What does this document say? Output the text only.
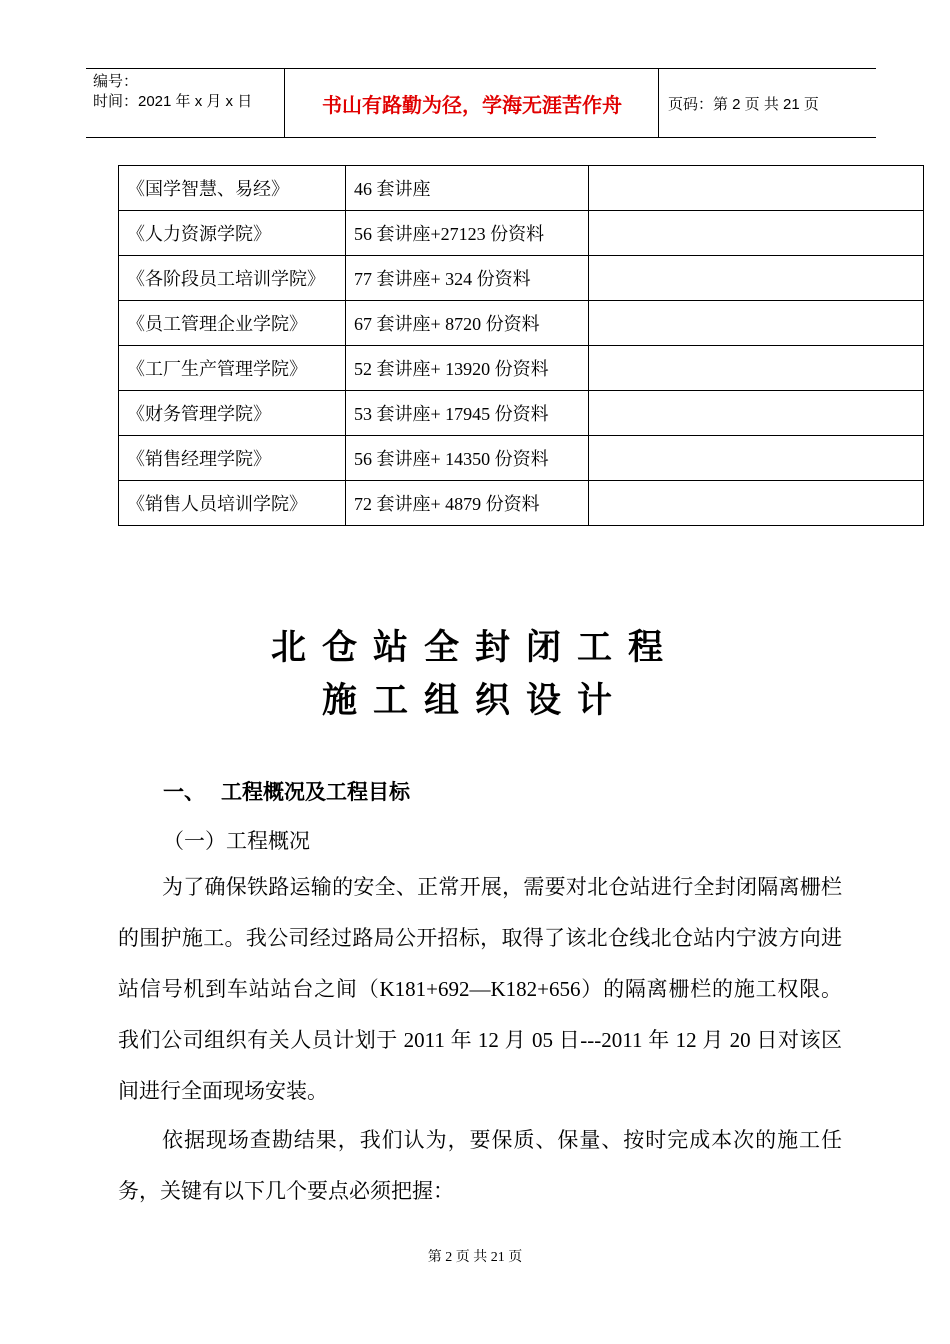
编号：
时间：2021 年 x 月 x 日	书山有路勤为径，学海无涯苦作舟	页码：第 2 页 共 21 页
《国学智慧、易经》	46 套讲座	
《人力资源学院》	56 套讲座+27123 份资料	
《各阶段员工培训学院》	77 套讲座+ 324 份资料	
《员工管理企业学院》	67 套讲座+ 8720 份资料	
《工厂生产管理学院》	52 套讲座+ 13920 份资料	
《财务管理学院》	53 套讲座+ 17945 份资料	
《销售经理学院》	56 套讲座+ 14350 份资料	
《销售人员培训学院》	72 套讲座+ 4879 份资料	
北仓站全封闭工程
施工组织设计
一、 工程概况及工程目标
（一）工程概况
为了确保铁路运输的安全、正常开展，需要对北仓站进行全封闭隔离栅栏的围护施工。我公司经过路局公开招标，取得了该北仓线北仓站内宁波方向进站信号机到车站站台之间（K181+692—K182+656）的隔离栅栏的施工权限。我们公司组织有关人员计划于 2011 年 12 月 05 日---2011 年 12 月 20 日对该区间进行全面现场安装。
依据现场查勘结果，我们认为，要保质、保量、按时完成本次的施工任务，关键有以下几个要点必须把握：
第 2 页 共 21 页
